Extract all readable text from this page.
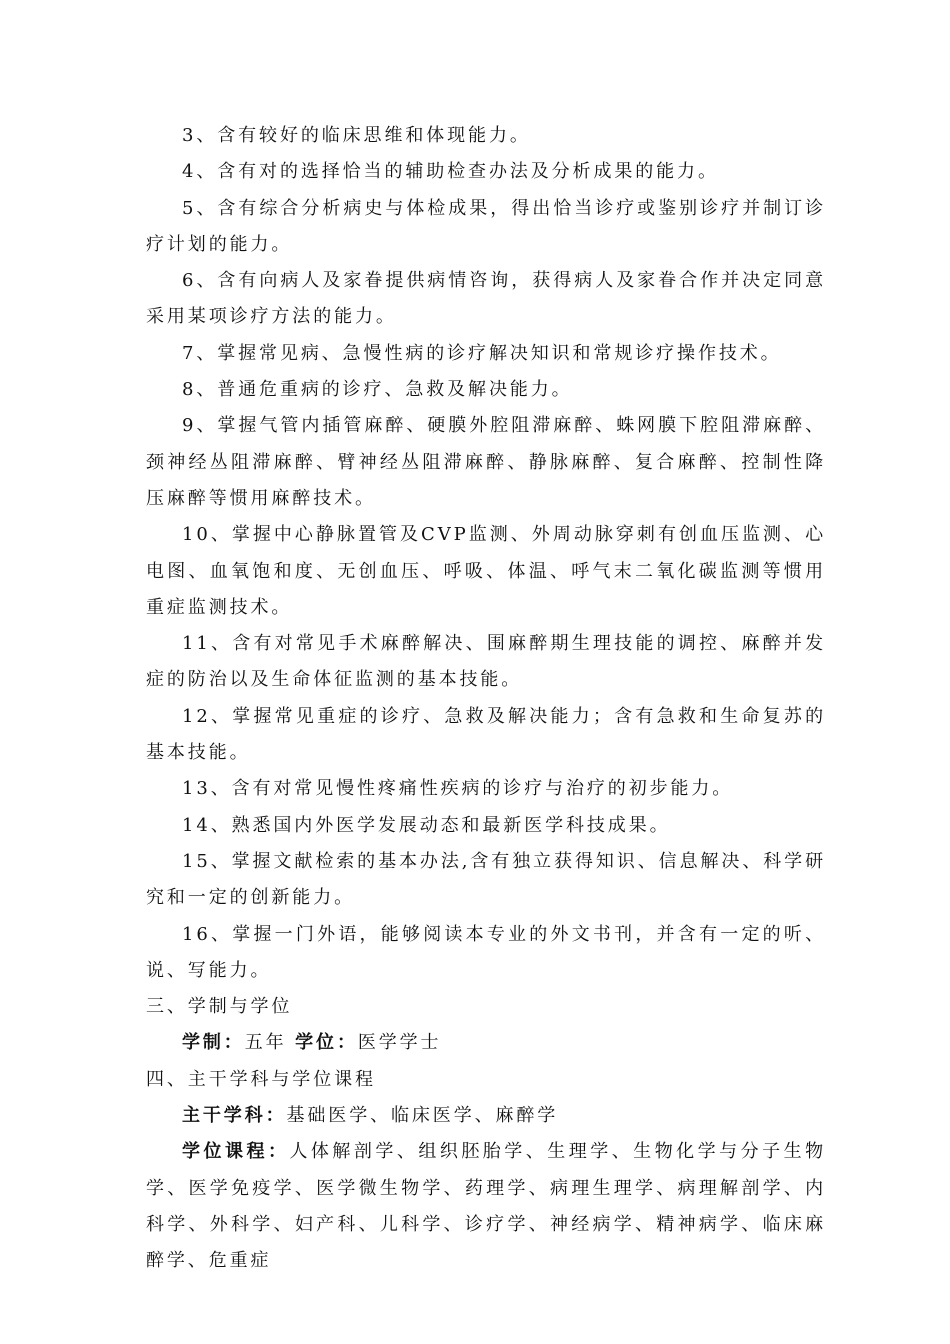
3、含有较好的临床思维和体现能力。

4、含有对的选择恰当的辅助检查办法及分析成果的能力。

5、含有综合分析病史与体检成果，得出恰当诊疗或鉴别诊疗并制订诊疗计划的能力。

6、含有向病人及家眷提供病情咨询，获得病人及家眷合作并决定同意采用某项诊疗方法的能力。

7、掌握常见病、急慢性病的诊疗解决知识和常规诊疗操作技术。

8、普通危重病的诊疗、急救及解决能力。

9、掌握气管内插管麻醉、硬膜外腔阻滞麻醉、蛛网膜下腔阻滞麻醉、颈神经丛阻滞麻醉、臂神经丛阻滞麻醉、静脉麻醉、复合麻醉、控制性降压麻醉等惯用麻醉技术。

10、掌握中心静脉置管及CVP监测、外周动脉穿刺有创血压监测、心电图、血氧饱和度、无创血压、呼吸、体温、呼气末二氧化碳监测等惯用重症监测技术。

11、含有对常见手术麻醉解决、围麻醉期生理技能的调控、麻醉并发症的防治以及生命体征监测的基本技能。

12、掌握常见重症的诊疗、急救及解决能力；含有急救和生命复苏的基本技能。

13、含有对常见慢性疼痛性疾病的诊疗与治疗的初步能力。

14、熟悉国内外医学发展动态和最新医学科技成果。

15、掌握文献检索的基本办法,含有独立获得知识、信息解决、科学研究和一定的创新能力。

16、掌握一门外语，能够阅读本专业的外文书刊，并含有一定的听、说、写能力。

三、学制与学位

学制：五年 学位：医学学士

四、主干学科与学位课程

主干学科：基础医学、临床医学、麻醉学

学位课程：人体解剖学、组织胚胎学、生理学、生物化学与分子生物学、医学免疫学、医学微生物学、药理学、病理生理学、病理解剖学、内科学、外科学、妇产科、儿科学、诊疗学、神经病学、精神病学、临床麻醉学、危重症
